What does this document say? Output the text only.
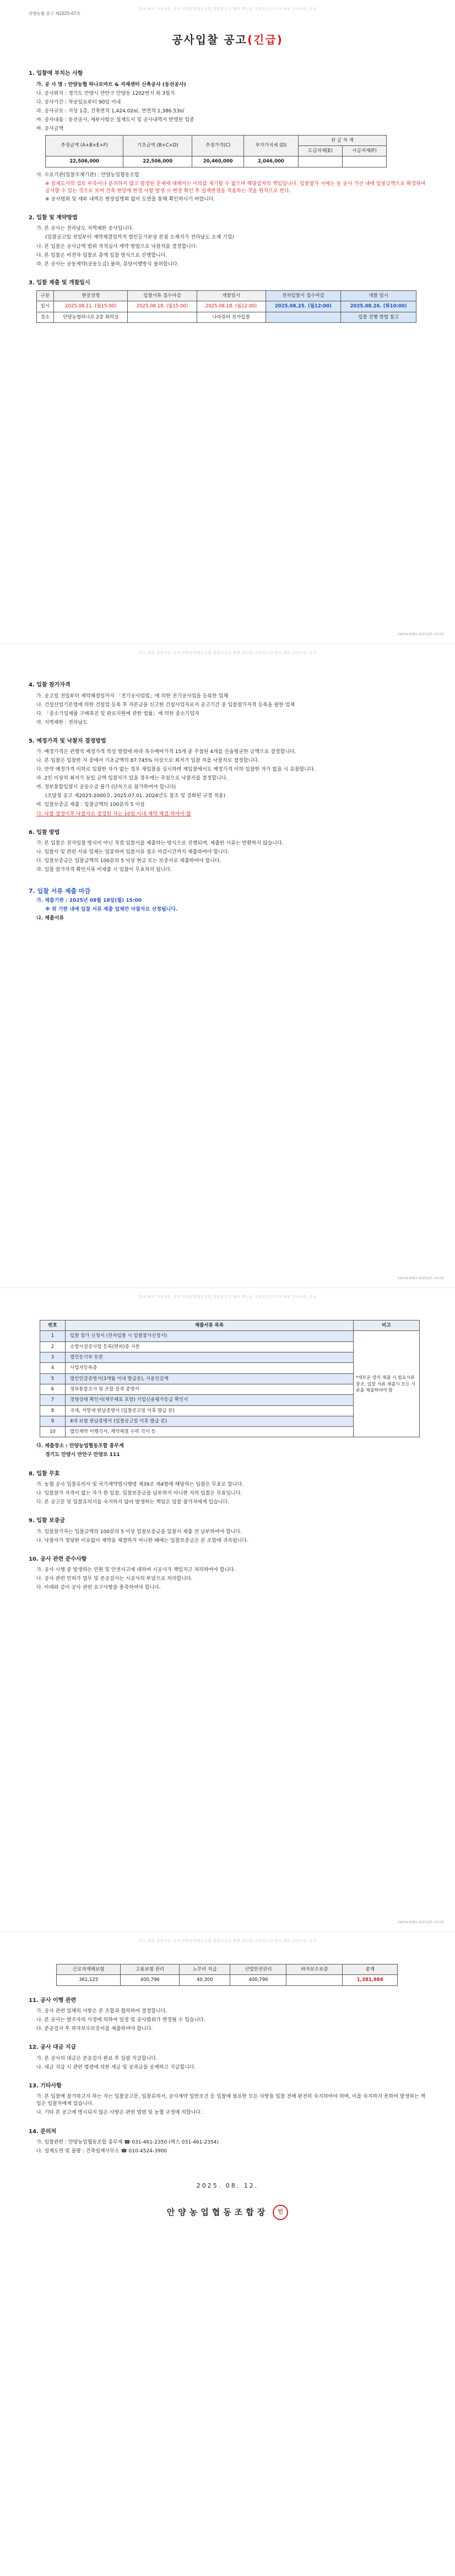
안양농협 공고 제2025-07호
공사입찰 공고(긴급)
1. 입찰에 부치는 사항
가. 공 사 명 : 안양농협 하나로마트 & 자재센터 신축공사 (동선공사)
나. 공사위치 : 경기도 안양시 만안구 안양동 1202번지 외 3필지
다. 공사기간 : 착공일로부터 90일 이내
라. 공사규모 : 지상 1층, 건축면적 1,424.02㎡, 연면적 1,386.53㎡
마. 공사내용 : 동선공사, 세부사항은 설계도서 및 공사내역서 반영된 업종
바. 공사금액
추정금액 (A+B+E+F)	기초금액 (B+C+D)	추정가격(C)	부가가치세 (D)	관 급 자 재	
				도급자재(E)	사급자재(F)
22,506,000	22,506,000	20,460,000	2,046,000		
사. 수요기관(입찰주체기관) : 안양농업협동조합
※ 설계도서의 검토 부족이나 분리하지 않고 발생된 문제에 대해서는 이의를 제기할 수 없으며 해당업자의 책임입니다. 입찰참가 시에는 동 공사 가산 내에 입찰금액으로 확정하여 공사할 수 있는 것으로 보며 건축 현장에 변경 사항 발생 시 현장 확인 후 설계변경을 적용하는 것을 원칙으로 한다.
※ 공사범위 및 세부 내역은 현장설명회 없이 도면을 통해 확인하시기 바랍니다.
2. 입찰 및 계약방법
가. 본 공사는 전라남도 지역제한 공사입니다.
(입찰공고일 전일부터 계약체결일까지 법인등기부상 본점 소재지가 전라남도 소재 기업)
나. 본 입찰은 공사금액 범위 적격심사 계약 방법으로 낙찰자를 결정합니다.
다. 본 입찰은 비전자 입찰로 총액 입찰 방식으로 진행합니다.
라. 본 공사는 공동계약(공동도급) 불허, 분담이행방식 불허합니다.
3. 입찰 제출 및 개찰일시
구분	현장설명	입찰서류 접수마감	개찰일시	전자입찰서 접수마감	개찰 일시
일시	2025.08.11. (월15:00)	2025.08.18. (월15:00)	2025.08.18. (월12:00)	2025.08.25. (월12:00)	2025.08.26. (화10:00)
장소	안양농협하나로 2층 회의실		나라장터 전자입찰		입찰 진행 방법 참고
복사 배포 무단사용 금지 안양농업협동조합 입찰공고문 원본 확인용 사본입니다 복사 배포 무단사용 금지
1920x3081 6/25/25 10:01
4. 입찰 참가자격
가. 공고일 전일부터 계약체결일까지 「전기공사업법」에 의한 전기공사업을 등록한 업체
나. 건설산업기본법에 의한 건설업 등록 후 자본금을 신고한 건설사업자로서 공고기간 중 입찰참가자격 등록을 필한 업체
다. 「중소기업제품 구매촉진 및 판로지원에 관한 법률」에 의한 중소기업자
라. 지역제한 : 전라남도
5. 예정가격 및 낙찰자 결정방법
가. 예정가격은 관행적 예정가격 작성 방법에 따라 복수예비가격 15개 중 추첨된 4개를 산술평균한 금액으로 결정합니다.
나. 본 입찰은 입찰한 자 중에서 기초금액의 87.745% 이상으로 최저가 입찰 자를 낙찰자로 결정합니다.
다. 만약 예정가격 이하로 입찰한 자가 없는 경우 재입찰을 실시하며 재입찰에서도 예정가격 이하 입찰한 자가 없을 시 유찰합니다.
라. 2인 이상의 최저가 동일 금액 입찰자가 있을 경우에는 추첨으로 낙찰자를 결정합니다.
마. 정부통합입찰시 공동수급 불가 (단독으로 참가하여야 합니다)
(조달청 공고 제2025-2000호, 2025.07.01. 2024년도 참조 및 강화된 규정 적용)
바. 입찰보증금 제출 : 입찰금액의 100분의 5 이상
다. 낙찰 결정이후 낙찰자로 결정된 자는 10일 이내 계약 체결 하여야 함
6. 입찰 방법
가. 본 입찰은 전자입찰 방식이 아닌 직접 입찰서를 제출하는 방식으로 진행되며, 제출한 서류는 반환하지 않습니다.
나. 입찰서 및 관련 서류 일체는 밀봉하여 입찰서류 접수 마감시간까지 제출하여야 합니다.
다. 입찰보증금은 입찰금액의 100분의 5 이상 현금 또는 보증서로 제출하여야 합니다.
라. 입찰 참가자격 확인서류 미제출 시 입찰이 무효처리 됩니다.
7. 입찰 서류 제출 마감
가. 제출기한 : 2025년 08월 18일(월) 15:00
※ 위 기한 내에 입찰 서류 제출 업체만 낙찰자로 선정됩니다.
나. 제출서류
복사 배포 무단사용 금지 안양농업협동조합 입찰공고문 원본 확인용 사본입니다 복사 배포 무단사용 금지
1920x3081 6/25/25 10:02
번호	제출서류 목록	비고
1	입찰 참가 신청서 (전자입찰 시 입찰참가신청서)	*새로운 양식 제출 시 필요서류 참조, 입찰 서류 제출시 모든 서류를 제출하여야 함
2	소방시설공사업 등록(면허)증 사본	
3	법인등기부 등본	
4	사업자등록증	
5	법인인감증명서(3개월 이내 발급분), 사용인감계	
6	정부통합조사 및 조합 실적 증명서	
7	경영상태 확인서(재무제표 포함) 기업신용평가등급 확인서	
8	국세, 지방세 완납증명서 (입찰공고일 이후 발급 분)	
9	4대 보험 완납증명서 (입찰공고일 이후 발급 분)	
10	법인계약 이행각서, 계약체결 수락 각서 등	
다. 제출장소 : 안양농업협동조합 총무계
경기도 안양시 만안구 안양로 111
8. 입찰 무효
가. 농협 공사 입찰유의서 및 국가계약법시행령 제39조 제4항에 해당하는 입찰은 무효로 합니다.
나. 입찰참가 자격이 없는 자가 한 입찰, 입찰보증금을 납부하지 아니한 자의 입찰은 무효입니다.
다. 본 공고문 및 입찰유의서를 숙지하지 않아 발생하는 책임은 입찰 참가자에게 있습니다.
9. 입찰 보증금
가. 입찰참가자는 입찰금액의 100분의 5 이상 입찰보증금을 입찰서 제출 전 납부하여야 합니다.
나. 낙찰자가 정당한 이유없이 계약을 체결하지 아니한 때에는 입찰보증금은 본 조합에 귀속됩니다.
10. 공사 관련 준수사항
가. 공사 시행 중 발생하는 민원 및 안전사고에 대하여 시공사가 책임지고 처리하여야 합니다.
나. 공사 관련 인허가 업무 및 준공검사는 시공사의 부담으로 처리합니다.
다. 아래와 같이 공사 관련 요구사항을 충족하여야 합니다.
복사 배포 무단사용 금지 안양농업협동조합 입찰공고문 원본 확인용 사본입니다 복사 배포 무단사용 금지
1920x3081 6/25/25 10:03
근로자재해보험	고용보험 관리	노무비 지급	산업안전관리	하자보수보증	총계
361,125	400,796	40,300	400,796		1,381,984
11. 공사 이행 관련
가. 공사 관련 일체의 사항은 본 조합과 협의하여 결정합니다.
나. 본 공사는 발주자의 사정에 의하여 일정 및 공사범위가 변경될 수 있습니다.
다. 준공검사 후 하자보수보증서를 제출하여야 합니다.
12. 공사 대금 지급
가. 본 공사의 대금은 준공검사 완료 후 일괄 지급합니다.
나. 대금 지급 시 관련 법령에 의한 세금 및 공과금을 공제하고 지급합니다.
13. 기타사항
가. 본 입찰에 참가하고자 하는 자는 입찰공고문, 입찰유의서, 공사계약 일반조건 등 입찰에 필요한 모든 사항을 입찰 전에 완전히 숙지하여야 하며, 이를 숙지하지 못하여 발생하는 책임은 입찰자에게 있습니다.
나. 기타 본 공고에 명시되지 않은 사항은 관련 법령 및 농협 규정에 의합니다.
14. 문의처
가. 입찰관련 : 안양농업협동조합 총무계 ☎ 031-461-2350 (팩스 031-461-2354)
나. 설계도면 및 물량 : 건축설계사무소 ☎ 010-4524-3900
2025. 08. 12.
안양농업협동조합장 인
복사 배포 무단사용 금지 안양농업협동조합 입찰공고문 원본 확인용 사본입니다 복사 배포 무단사용 금지
